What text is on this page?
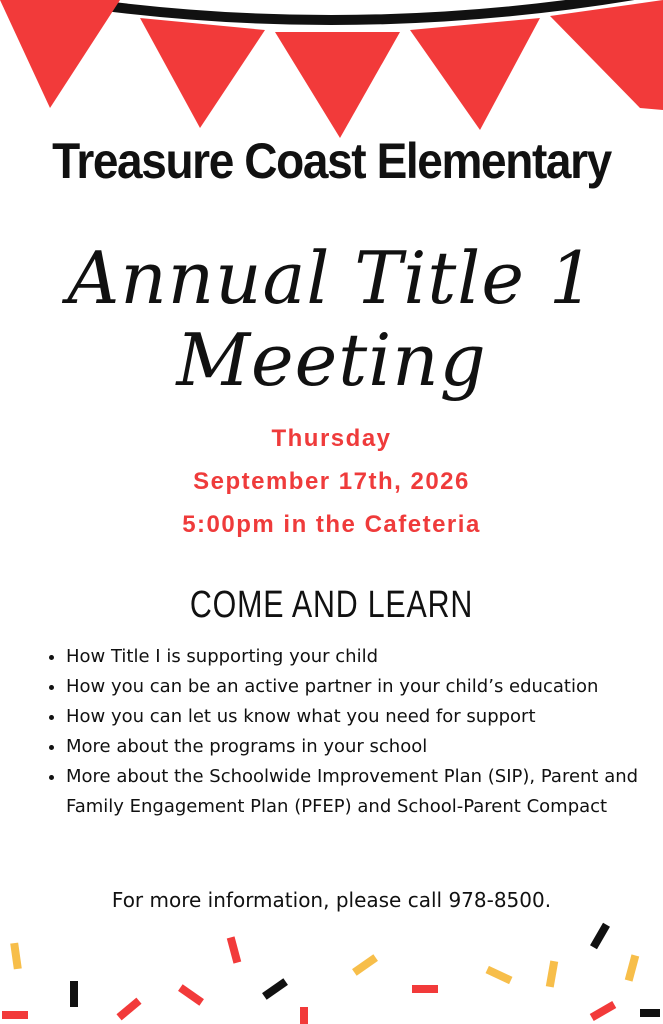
Treasure Coast Elementary
Annual Title 1
Meeting
Thursday
September 17th, 2026
5:00pm in the Cafeteria
COME AND LEARN
• How Title I is supporting your child
• How you can be an active partner in your child’s education
• How you can let us know what you need for support
• More about the programs in your school
• More about the Schoolwide Improvement Plan (SIP), Parent and Family Engagement Plan (PFEP) and School-Parent Compact
For more information, please call 978-8500.
